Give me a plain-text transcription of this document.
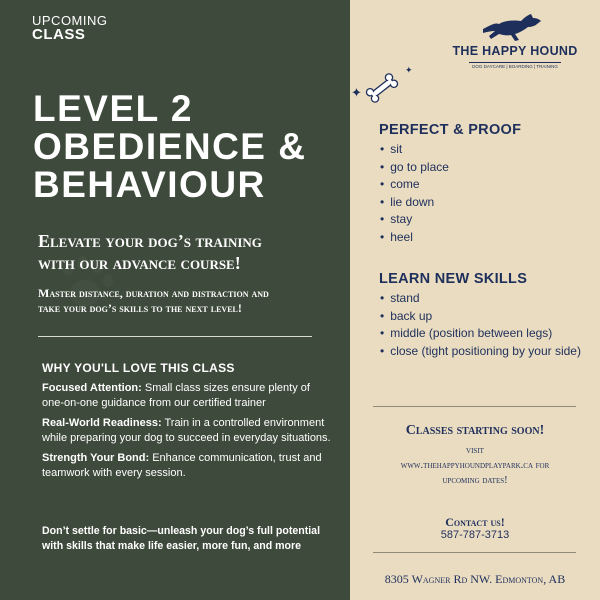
UPCOMING
CLASS
LEVEL 2
OBEDIENCE &
BEHAVIOUR
Elevate your dog’s training
with our advance course!
Master distance, duration and distraction and
take your dog’s skills to the next level!
WHY YOU'LL LOVE THIS CLASS
Focused Attention: Small class sizes ensure plenty of
one-on-one guidance from our certified trainer
Real-World Readiness: Train in a controlled environment
while preparing your dog to succeed in everyday situations.
Strength Your Bond: Enhance communication, trust and
teamwork with every session.
Don’t settle for basic—unleash your dog’s full potential
with skills that make life easier, more fun, and more
THE HAPPY HOUND
DOG DAYCARE | BOARDING | TRAINING
✦
✦
PERFECT & PROOF
• sit
• go to place
• come
• lie down
• stay
• heel
LEARN NEW SKILLS
• stand
• back up
• middle (position between legs)
• close (tight positioning by your side)
Classes starting soon!
visit
www.thehappyhoundplaypark.ca for
upcoming dates!
Contact us!
587-787-3713
8305 Wagner Rd NW. Edmonton, AB
